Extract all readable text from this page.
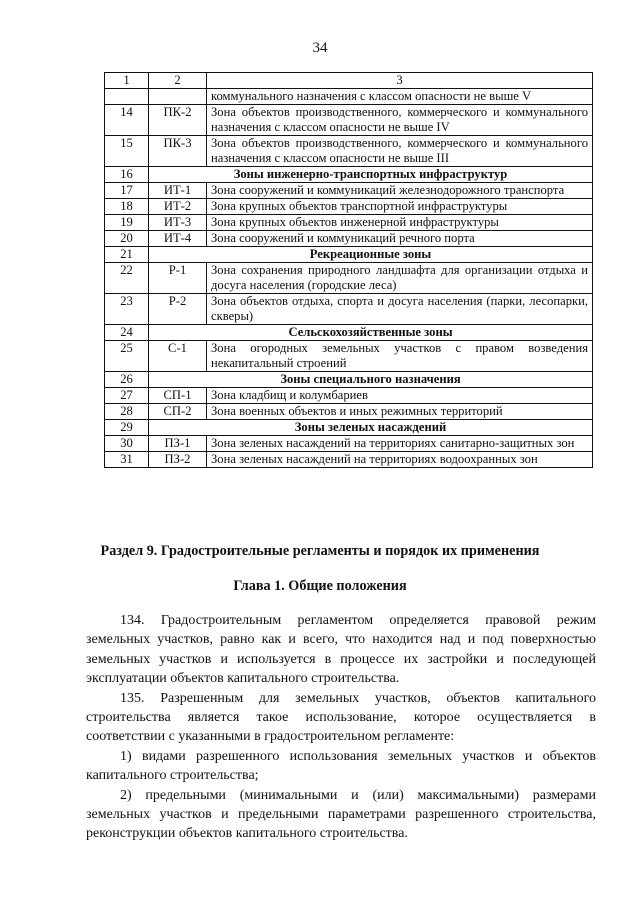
34
1	2	3
		коммунального назначения с классом опасности не выше V
14	ПК-2	Зона объектов производственного, коммерческого и коммунального назначения с классом опасности не выше IV
15	ПК-3	Зона объектов производственного, коммерческого и коммунального назначения с классом опасности не выше III
16	Зоны инженерно-транспортных инфраструктур	
17	ИТ-1	Зона сооружений и коммуникаций железнодорожного транспорта
18	ИТ-2	Зона крупных объектов транспортной инфраструктуры
19	ИТ-3	Зона крупных объектов инженерной инфраструктуры
20	ИТ-4	Зона сооружений и коммуникаций речного порта
21	Рекреационные зоны	
22	Р-1	Зона сохранения природного ландшафта для организации отдыха и досуга населения (городские леса)
23	Р-2	Зона объектов отдыха, спорта и досуга населения (парки, лесопарки, скверы)
24	Сельскохозяйственные зоны	
25	С-1	Зона огородных земельных участков с правом возведения некапитальный строений
26	Зоны специального назначения	
27	СП-1	Зона кладбищ и колумбариев
28	СП-2	Зона военных объектов и иных режимных территорий
29	Зоны зеленых насаждений	
30	ПЗ-1	Зона зеленых насаждений на территориях санитарно-защитных зон
31	ПЗ-2	Зона зеленых насаждений на территориях водоохранных зон
Раздел 9. Градостроительные регламенты и порядок их применения
Глава 1. Общие положения

134. Градостроительным регламентом определяется правовой режим земельных участков, равно как и всего, что находится над и под поверхностью земельных участков и используется в процессе их застройки и последующей эксплуатации объектов капитального строительства.

135. Разрешенным для земельных участков, объектов капитального строительства является такое использование, которое осуществляется в соответствии с указанными в градостроительном регламенте:

1) видами разрешенного использования земельных участков и объектов капитального строительства;

2) предельными (минимальными и (или) максимальными) размерами земельных участков и предельными параметрами разрешенного строительства, реконструкции объектов капитального строительства.
